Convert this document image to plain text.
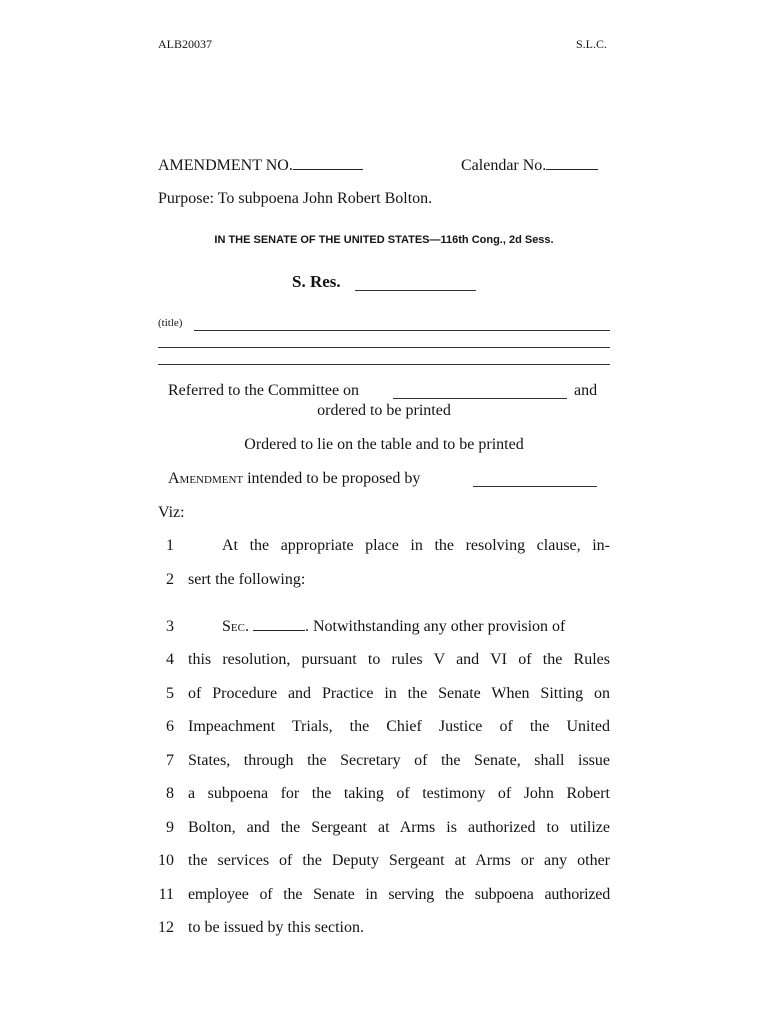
ALB20037	S.L.C.
AMENDMENT NO.	Calendar No.
Purpose: To subpoena John Robert Bolton.
IN THE SENATE OF THE UNITED STATES—116th Cong., 2d Sess.
S. Res.
(title)
Referred to the Committee on	and
ordered to be printed
Ordered to lie on the table and to be printed
Amendment intended to be proposed by
Viz:
1	At the appropriate place in the resolving clause, in-
2 sert the following:
3	Sec.	. Notwithstanding any other provision of
4 this resolution, pursuant to rules V and VI of the Rules
5 of Procedure and Practice in the Senate When Sitting on
6 Impeachment Trials, the Chief Justice of the United
7 States, through the Secretary of the Senate, shall issue
8 a subpoena for the taking of testimony of John Robert
9 Bolton, and the Sergeant at Arms is authorized to utilize
10 the services of the Deputy Sergeant at Arms or any other
11 employee of the Senate in serving the subpoena authorized
12 to be issued by this section.
